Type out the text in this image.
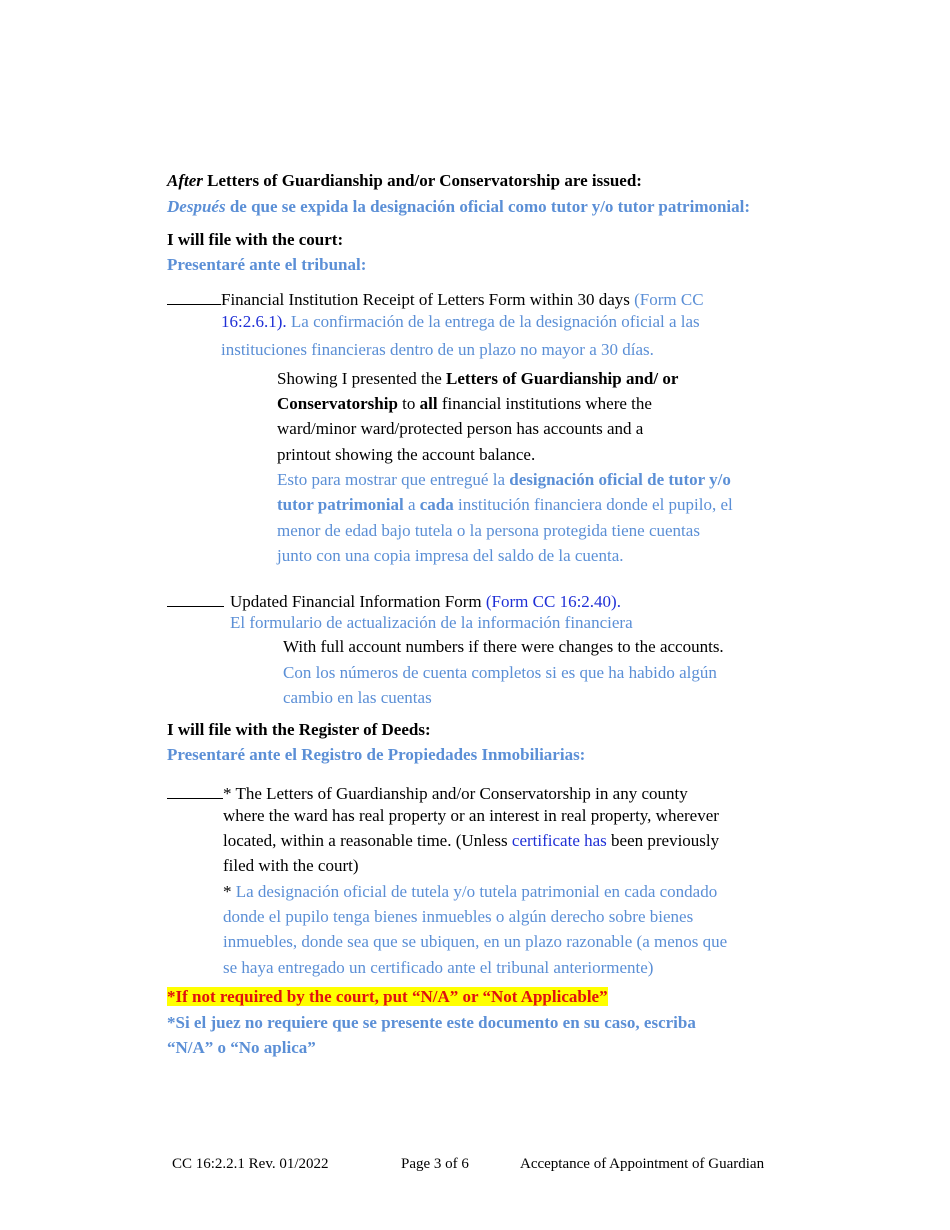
After Letters of Guardianship and/or Conservatorship are issued:
Después de que se expida la designación oficial como tutor y/o tutor patrimonial:
I will file with the court:
Presentaré ante el tribunal:
Financial Institution Receipt of Letters Form within 30 days (Form CC
16:2.6.1). La confirmación de la entrega de la designación oficial a las
instituciones financieras dentro de un plazo no mayor a 30 días.
Showing I presented the Letters of Guardianship and/ or
Conservatorship to all financial institutions where the
ward/minor ward/protected person has accounts and a
printout showing the account balance.
Esto para mostrar que entregué la designación oficial de tutor y/o
tutor patrimonial a cada institución financiera donde el pupilo, el
menor de edad bajo tutela o la persona protegida tiene cuentas
junto con una copia impresa del saldo de la cuenta.
Updated Financial Information Form (Form CC 16:2.40).
El formulario de actualización de la información financiera
With full account numbers if there were changes to the accounts.
Con los números de cuenta completos si es que ha habido algún
cambio en las cuentas
I will file with the Register of Deeds:
Presentaré ante el Registro de Propiedades Inmobiliarias:
* The Letters of Guardianship and/or Conservatorship in any county
where the ward has real property or an interest in real property, wherever
located, within a reasonable time. (Unless certificate has been previously
filed with the court)
* La designación oficial de tutela y/o tutela patrimonial en cada condado
donde el pupilo tenga bienes inmuebles o algún derecho sobre bienes
inmuebles, donde sea que se ubiquen, en un plazo razonable (a menos que
se haya entregado un certificado ante el tribunal anteriormente)
*If not required by the court, put “N/A” or “Not Applicable”
*Si el juez no requiere que se presente este documento en su caso, escriba
“N/A” o “No aplica”
CC 16:2.2.1 Rev. 01/2022	Page 3 of 6	Acceptance of Appointment of Guardian
